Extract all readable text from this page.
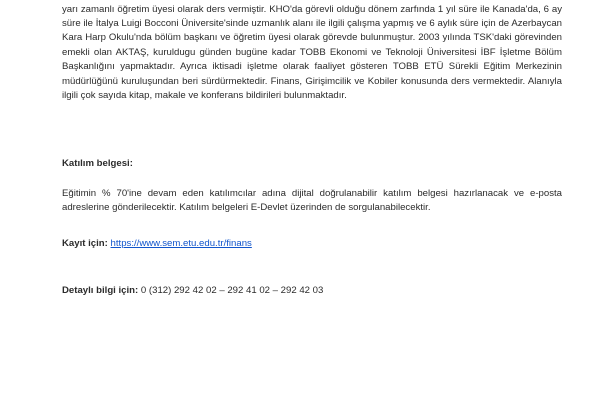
yarı zamanlı öğretim üyesi olarak ders vermiştir. KHO'da görevli olduğu dönem zarfında 1 yıl süre ile Kanada'da, 6 ay süre ile İtalya Luigi Bocconi Üniversite'sinde uzmanlık alanı ile ilgili çalışma yapmış ve 6 aylık süre için de Azerbaycan Kara Harp Okulu'nda bölüm başkanı ve öğretim üyesi olarak görevde bulunmuştur. 2003 yılında TSK'daki görevinden emekli olan AKTAŞ, kuruldugu günden bugüne kadar TOBB Ekonomi ve Teknoloji Üniversitesi İBF İşletme Bölüm Başkanlığını yapmaktadır. Ayrıca iktisadi işletme olarak faaliyet gösteren TOBB ETÜ Sürekli Eğitim Merkezinin müdürlüğünü kuruluşundan beri sürdürmektedir. Finans, Girişimcilik ve Kobiler konusunda ders vermektedir. Alanıyla ilgili çok sayıda kitap, makale ve konferans bildirileri bulunmaktadır.

Katılım belgesi:

Eğitimin % 70'ine devam eden katılımcılar adına dijital doğrulanabilir katılım belgesi hazırlanacak ve e-posta adreslerine gönderilecektir. Katılım belgeleri E-Devlet üzerinden de sorgulanabilecektir.

Kayıt için: https://www.sem.etu.edu.tr/finans
Detaylı bilgi için: 0 (312) 292 42 02 – 292 41 02 – 292 42 03
